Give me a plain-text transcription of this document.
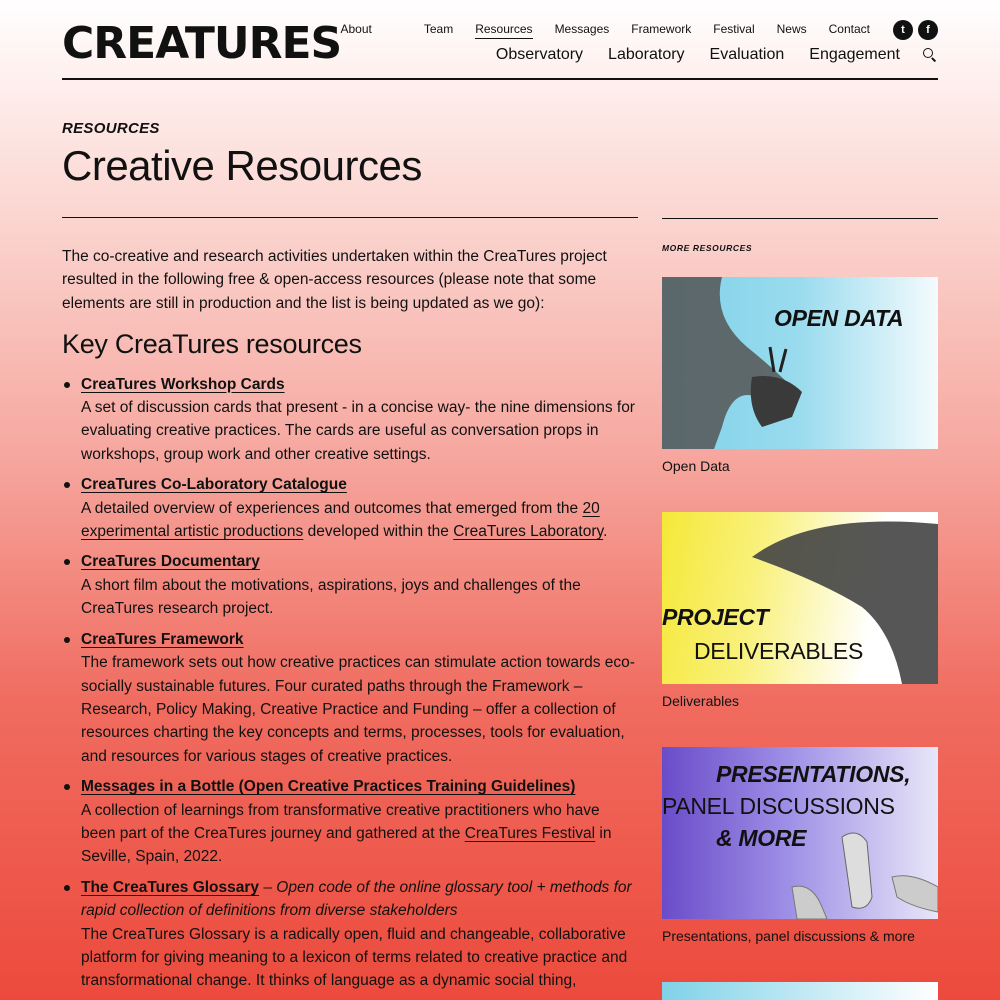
CREATURES About	Team Resources Messages Framework Festival News Contact	t	f
Observatory Laboratory Evaluation Engagement
RESOURCES
Creative Resources

The co-creative and research activities undertaken within the CreaTures project resulted in the following free & open-access resources (please note that some elements are still in production and the list is being updated as we go):

Key CreaTures resources
CreaTures Workshop Cards
A set of discussion cards that present - in a concise way- the nine dimensions for evaluating creative practices. The cards are useful as conversation props in workshops, group work and other creative settings.
CreaTures Co-Laboratory Catalogue
A detailed overview of experiences and outcomes that emerged from the 20 experimental artistic productions developed within the CreaTures Laboratory.
CreaTures Documentary
A short film about the motivations, aspirations, joys and challenges of the CreaTures research project.
CreaTures Framework
The framework sets out how creative practices can stimulate action towards eco-socially sustainable futures. Four curated paths through the Framework – Research, Policy Making, Creative Practice and Funding – offer a collection of resources charting the key concepts and terms, processes, tools for evaluation, and resources for various stages of creative practices.
Messages in a Bottle (Open Creative Practices Training Guidelines)
A collection of learnings from transformative creative practitioners who have been part of the CreaTures journey and gathered at the CreaTures Festival in Seville, Spain, 2022.
The CreaTures Glossary – Open code of the online glossary tool + methods for rapid collection of definitions from diverse stakeholders
The CreaTures Glossary is a radically open, fluid and changeable, collaborative platform for giving meaning to a lexicon of terms related to creative practice and transformational change. It thinks of language as a dynamic social thing,
MORE RESOURCES
OPEN DATA
Open Data
PROJECT
DELIVERABLES
Deliverables
PRESENTATIONS,
PANEL DISCUSSIONS
& MORE
Presentations, panel discussions & more
